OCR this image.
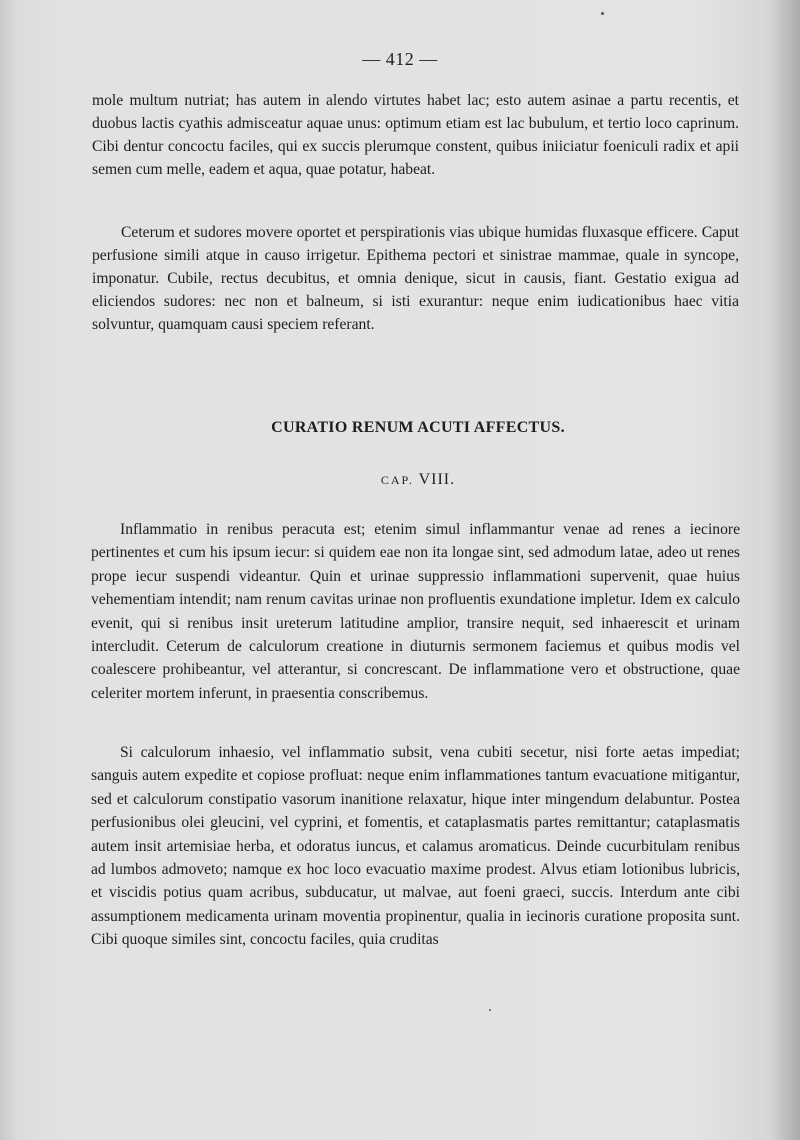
— 412 —

mole multum nutriat; has autem in alendo virtutes habet lac; esto autem asinae a partu recentis, et duobus lactis cyathis admisceatur aquae unus: optimum etiam est lac bubulum, et tertio loco caprinum. Cibi dentur concoctu faciles, qui ex succis plerumque constent, quibus iniiciatur foeniculi radix et apii semen cum melle, eadem et aqua, quae potatur, habeat.

Ceterum et sudores movere oportet et perspirationis vias ubique humidas fluxasque efficere. Caput perfusione simili atque in causo irrigetur. Epithema pectori et sinistrae mammae, quale in syncope, imponatur. Cubile, rectus decubitus, et omnia denique, sicut in causis, fiant. Gestatio exigua ad eliciendos sudores: nec non et balneum, si isti exurantur: neque enim iudicationibus haec vitia solvuntur, quamquam causi speciem referant.

CURATIO RENUM ACUTI AFFECTUS.
CAP. VIII.

Inflammatio in renibus peracuta est; etenim simul inflammantur venae ad renes a iecinore pertinentes et cum his ipsum iecur: si quidem eae non ita longae sint, sed admodum latae, adeo ut renes prope iecur suspendi videantur. Quin et urinae suppressio inflammationi supervenit, quae huius vehementiam intendit; nam renum cavitas urinae non profluentis exundatione impletur. Idem ex calculo evenit, qui si renibus insit ureterum latitudine amplior, transire nequit, sed inhaerescit et urinam intercludit. Ceterum de calculorum creatione in diuturnis sermonem faciemus et quibus modis vel coalescere prohibeantur, vel atterantur, si concrescant. De inflammatione vero et obstructione, quae celeriter mortem inferunt, in praesentia conscribemus.

Si calculorum inhaesio, vel inflammatio subsit, vena cubiti secetur, nisi forte aetas impediat; sanguis autem expedite et copiose profluat: neque enim inflammationes tantum evacuatione mitigantur, sed et calculorum constipatio vasorum inanitione relaxatur, hique inter mingendum delabuntur. Postea perfusionibus olei gleucini, vel cyprini, et fomentis, et cataplasmatis partes remittantur; cataplasmatis autem insit artemisiae herba, et odoratus iuncus, et calamus aromaticus. Deinde cucurbitulam renibus ad lumbos admoveto; namque ex hoc loco evacuatio maxime prodest. Alvus etiam lotionibus lubricis, et viscidis potius quam acribus, subducatur, ut malvae, aut foeni graeci, succis. Interdum ante cibi assumptionem medicamenta urinam moventia propinentur, qualia in iecinoris curatione proposita sunt. Cibi quoque similes sint, concoctu faciles, quia cruditas
